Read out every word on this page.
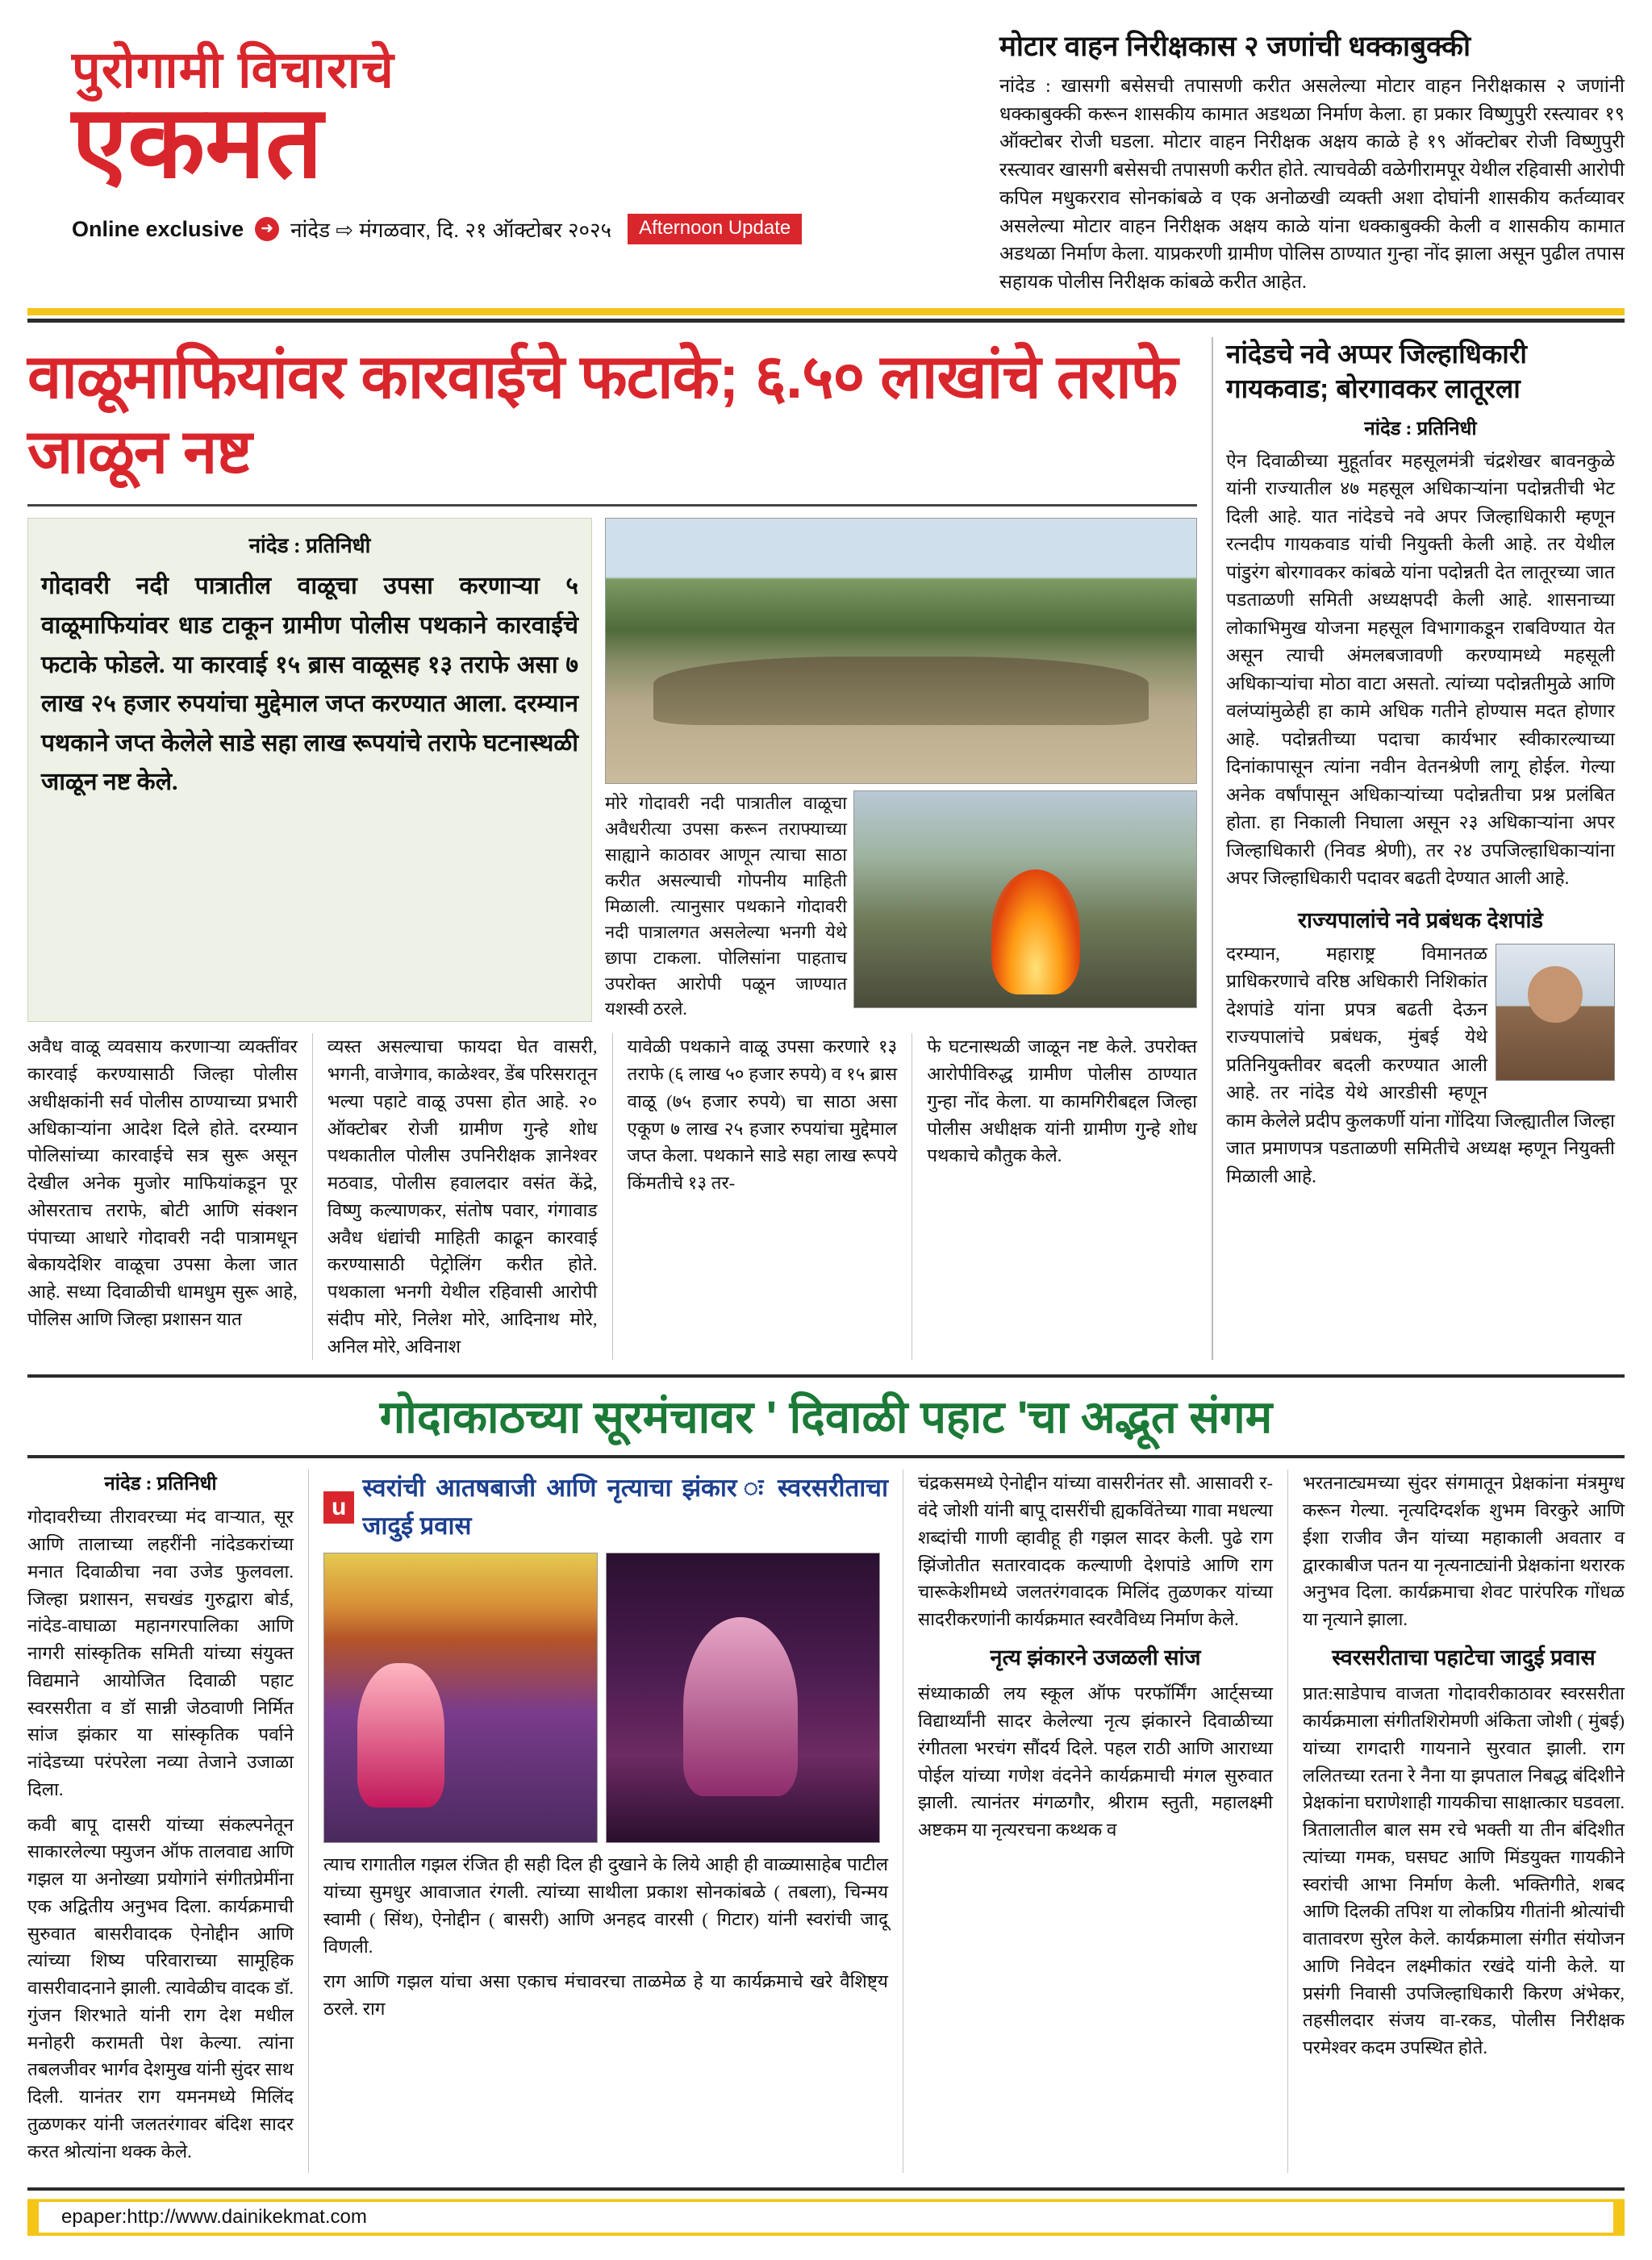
पुरोगामी विचाराचे
एकमत
Online exclusive	➜ नांदेड ⇨ मंगळवार, दि. २१ ऑक्टोबर २०२५	Afternoon Update
मोटार वाहन निरीक्षकास २ जणांची धक्काबुक्की

नांदेड : खासगी बसेसची तपासणी करीत असलेल्या मोटार वाहन निरीक्षकास २ जणांनी धक्काबुक्की करून शासकीय कामात अडथळा निर्माण केला. हा प्रकार विष्णुपुरी रस्त्यावर १९ ऑक्टोबर रोजी घडला. मोटार वाहन निरीक्षक अक्षय काळे हे १९ ऑक्टोबर रोजी विष्णुपुरी रस्त्यावर खासगी बसेसची तपासणी करीत होते. त्याचवेळी वळेगीरामपूर येथील रहिवासी आरोपी कपिल मधुकरराव सोनकांबळे व एक अनोळखी व्यक्ती अशा दोघांनी शासकीय कर्तव्यावर असलेल्या मोटार वाहन निरीक्षक अक्षय काळे यांना धक्काबुक्की केली व शासकीय कामात अडथळा निर्माण केला. याप्रकरणी ग्रामीण पोलिस ठाण्यात गुन्हा नोंद झाला असून पुढील तपास सहायक पोलीस निरीक्षक कांबळे करीत आहेत.

वाळूमाफियांवर कारवाईचे फटाके; ६.५० लाखांचे तराफे जाळून नष्ट
नांदेड : प्रतिनिधी

गोदावरी नदी पात्रातील वाळूचा उपसा करणाऱ्या ५ वाळूमाफियांवर धाड टाकून ग्रामीण पोलीस पथकाने कारवाईचे फटाके फोडले. या कारवाई १५ ब्रास वाळूसह १३ तराफे असा ७ लाख २५ हजार रुपयांचा मुद्देमाल जप्त करण्यात आला. दरम्यान पथकाने जप्त केलेले साडे सहा लाख रूपयांचे तराफे घटनास्थळी जाळून नष्ट केले.

मोरे गोदावरी नदी पात्रातील वाळूचा अवैधरीत्या उपसा करून तराफ्याच्या साह्याने काठावर आणून त्याचा साठा करीत असल्याची गोपनीय माहिती मिळाली. त्यानुसार पथकाने गोदावरी नदी पात्रालगत असलेल्या भनगी येथे छापा टाकला. पोलिसांना पाहताच उपरोक्त आरोपी पळून जाण्यात यशस्वी ठरले.
अवैध वाळू व्यवसाय करणाऱ्या व्यक्तींवर कारवाई करण्यासाठी जिल्हा पोलीस अधीक्षकांनी सर्व पोलीस ठाण्याच्या प्रभारी अधिकाऱ्यांना आदेश दिले होते. दरम्यान पोलिसांच्या कारवाईचे सत्र सुरू असून देखील अनेक मुजोर माफियांकडून पूर ओसरताच तराफे, बोटी आणि संक्शन पंपाच्या आधारे गोदावरी नदी पात्रामधून बेकायदेशिर वाळूचा उपसा केला जात आहे. सध्या दिवाळीची धामधुम सुरू आहे, पोलिस आणि जिल्हा प्रशासन यात
व्यस्त असल्याचा फायदा घेत वासरी, भगनी, वाजेगाव, काळेश्वर, डेंब परिसरातून भल्या पहाटे वाळू उपसा होत आहे. २० ऑक्टोबर रोजी ग्रामीण गुन्हे शोध पथकातील पोलीस उपनिरीक्षक ज्ञानेश्वर मठवाड, पोलीस हवालदार वसंत केंद्रे, विष्णु कल्याणकर, संतोष पवार, गंगावाड अवैध धंद्यांची माहिती काढून कारवाई करण्यासाठी पेट्रोलिंग करीत होते. पथकाला भनगी येथील रहिवासी आरोपी संदीप मोरे, निलेश मोरे, आदिनाथ मोरे, अनिल मोरे, अविनाश
यावेळी पथकाने वाळू उपसा करणारे १३ तराफे (६ लाख ५० हजार रुपये) व १५ ब्रास वाळू (७५ हजार रुपये) चा साठा असा एकूण ७ लाख २५ हजार रुपयांचा मुद्देमाल जप्त केला. पथकाने साडे सहा लाख रूपये किंमतीचे १३ तर-
फे घटनास्थळी जाळून नष्ट केले. उपरोक्त आरोपीविरुद्ध ग्रामीण पोलीस ठाण्यात गुन्हा नोंद केला. या कामगिरीबद्दल जिल्हा पोलीस अधीक्षक यांनी ग्रामीण गुन्हे शोध पथकाचे कौतुक केले.
नांदेडचे नवे अप्पर जिल्हाधिकारी गायकवाड; बोरगावकर लातूरला
नांदेड : प्रतिनिधी

ऐन दिवाळीच्या मुहूर्तावर महसूलमंत्री चंद्रशेखर बावनकुळे यांनी राज्यातील ४७ महसूल अधिकाऱ्यांना पदोन्नतीची भेट दिली आहे. यात नांदेडचे नवे अपर जिल्हाधिकारी म्हणून रत्नदीप गायकवाड यांची नियुक्ती केली आहे. तर येथील पांडुरंग बोरगावकर कांबळे यांना पदोन्नती देत लातूरच्या जात पडताळणी समिती अध्यक्षपदी केली आहे. शासनाच्या लोकाभिमुख योजना महसूल विभागाकडून राबविण्यात येत असून त्याची अंमलबजावणी करण्यामध्ये महसूली अधिकाऱ्यांचा मोठा वाटा असतो. त्यांच्या पदोन्नतीमुळे आणि वलंप्यांमुळेही हा कामे अधिक गतीने होण्यास मदत होणार आहे. पदोन्नतीच्या पदाचा कार्यभार स्वीकारल्याच्या दिनांकापासून त्यांना नवीन वेतनश्रेणी लागू होईल. गेल्या अनेक वर्षांपासून अधिकाऱ्यांच्या पदोन्नतीचा प्रश्न प्रलंबित होता. हा निकाली निघाला असून २३ अधिकाऱ्यांना अपर जिल्हाधिकारी (निवड श्रेणी), तर २४ उपजिल्हाधिकाऱ्यांना अपर जिल्हाधिकारी पदावर बढती देण्यात आली आहे.

राज्यपालांचे नवे प्रबंधक देशपांडे

दरम्यान, महाराष्ट्र विमानतळ प्राधिकरणाचे वरिष्ठ अधिकारी निशिकांत देशपांडे यांना प्रपत्र बढती देऊन राज्यपालांचे प्रबंधक, मुंबई येथे प्रतिनियुक्तीवर बदली करण्यात आली आहे. तर नांदेड येथे आरडीसी म्हणून काम केलेले प्रदीप कुलकर्णी यांना गोंदिया जिल्ह्यातील जिल्हा जात प्रमाणपत्र पडताळणी समितीचे अध्यक्ष म्हणून नियुक्ती मिळाली आहे.

गोदाकाठच्या सूरमंचावर ' दिवाळी पहाट 'चा अद्भूत संगम
नांदेड : प्रतिनिधी

गोदावरीच्या तीरावरच्या मंद वाऱ्यात, सूर आणि तालाच्या लहरींनी नांदेडकरांच्या मनात दिवाळीचा नवा उजेड फुलवला. जिल्हा प्रशासन, सचखंड गुरुद्वारा बोर्ड, नांदेड-वाघाळा महानगरपालिका आणि नागरी सांस्कृतिक समिती यांच्या संयुक्त विद्यमाने आयोजित दिवाळी पहाट स्वरसरीता व डॉ सान्नी जेठवाणी निर्मित सांज झंकार या सांस्कृतिक पर्वाने नांदेडच्या परंपरेला नव्या तेजाने उजाळा दिला.

कवी बापू दासरी यांच्या संकल्पनेतून साकारलेल्या फ्युजन ऑफ तालवाद्य आणि गझल या अनोख्या प्रयोगांने संगीतप्रेमींना एक अद्वितीय अनुभव दिला. कार्यक्रमाची सुरुवात बासरीवादक ऐनोद्दीन आणि त्यांच्या शिष्य परिवाराच्या सामूहिक वासरीवादनाने झाली. त्यावेळीच वादक डॉ. गुंजन शिरभाते यांनी राग देश मधील मनोहरी करामती पेश केल्या. त्यांना तबलजीवर भार्गव देशमुख यांनी सुंदर साथ दिली. यानंतर राग यमनमध्ये मिलिंद तुळणकर यांनी जलतरंगावर बंदिश सादर करत श्रोत्यांना थक्क केले.

u
स्वरांची आतषबाजी आणि नृत्याचा झंकार ः स्वरसरीताचा जादुई प्रवास

त्याच रागातील गझल रंजित ही सही दिल ही दुखाने के लिये आही ही वाळ्यासाहेब पाटील यांच्या सुमधुर आवाजात रंगली. त्यांच्या साथीला प्रकाश सोनकांबळे ( तबला), चिन्मय स्वामी ( सिंथ), ऐनोद्दीन ( बासरी) आणि अनहद वारसी ( गिटार) यांनी स्वरांची जादू विणली.

राग आणि गझल यांचा असा एकाच मंचावरचा ताळमेळ हे या कार्यक्रमाचे खरे वैशिष्ट्य ठरले. राग

चंद्रकसमध्ये ऐनोद्दीन यांच्या वासरीनंतर सौ. आसावरी र-वंदे जोशी यांनी बापू दासरींची ह्यकविंतेच्या गावा मधल्या शब्दांची गाणी व्हावीहू ही गझल सादर केली. पुढे राग झिंजोतीत सतारवादक कल्याणी देशपांडे आणि राग चारूकेशीमध्ये जलतरंगवादक मिलिंद तुळणकर यांच्या सादरीकरणांनी कार्यक्रमात स्वरवैविध्य निर्माण केले.

नृत्य झंकारने उजळली सांज

संध्याकाळी लय स्कूल ऑफ परफॉर्मिंग आर्ट्सच्या विद्यार्थ्यांनी सादर केलेल्या नृत्य झंकारने दिवाळीच्या रंगीतला भरचंग सौंदर्य दिले. पहल राठी आणि आराध्या पोईल यांच्या गणेश वंदनेने कार्यक्रमाची मंगल सुरुवात झाली. त्यानंतर मंगळगौर, श्रीराम स्तुती, महालक्ष्मी अष्टकम या नृत्यरचना कथ्थक व

भरतनाट्यमच्या सुंदर संगमातून प्रेक्षकांना मंत्रमुग्ध करून गेल्या. नृत्यदिग्दर्शक शुभम विरकुरे आणि ईशा राजीव जैन यांच्या महाकाली अवतार व द्वारकाबीज पतन या नृत्यनाट्यांनी प्रेक्षकांना थरारक अनुभव दिला. कार्यक्रमाचा शेवट पारंपरिक गोंधळ या नृत्याने झाला.

स्वरसरीताचा पहाटेचा जादुई प्रवास

प्रात:साडेपाच वाजता गोदावरीकाठावर स्वरसरीता कार्यक्रमाला संगीतशिरोमणी अंकिता जोशी ( मुंबई) यांच्या रागदारी गायनाने सुरवात झाली. राग ललितच्या रतना रे नैना या झपताल निबद्ध बंदिशीने प्रेक्षकांना घराणेशाही गायकीचा साक्षात्कार घडवला. त्रितालातील बाल सम रचे भक्ती या तीन बंदिशीत त्यांच्या गमक, घसघट आणि मिंडयुक्त गायकीने स्वरांची आभा निर्माण केली. भक्तिगीते, शबद आणि दिलकी तपिश या लोकप्रिय गीतांनी श्रोत्यांची वातावरण सुरेल केले. कार्यक्रमाला संगीत संयोजन आणि निवेदन लक्ष्मीकांत रखंदे यांनी केले. या प्रसंगी निवासी उपजिल्हाधिकारी किरण अंभेकर, तहसीलदार संजय वा-रकड, पोलीस निरीक्षक परमेश्वर कदम उपस्थित होते.

epaper:http://www.dainikekmat.com
